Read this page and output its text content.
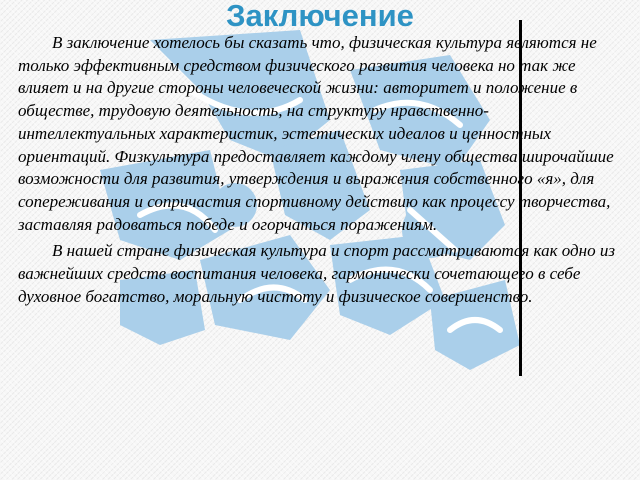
Заключение

В заключение хотелось бы сказать что, физическая культура являются не только эффективным средством физического развития человека но так же влияет и на другие стороны человеческой жизни: авторитет и положение в обществе, трудовую деятельность, на структуру нравственно-интеллектуальных характеристик, эстетических идеалов и ценностных ориентаций. Физкультура предоставляет каждому члену общества широчайшие возможности для развития, утверждения и выражения собственного «я», для сопереживания и сопричастия спортивному действию как процессу творчества, заставляя радоваться победе и огорчаться поражениям.

В нашей стране физическая культура и спорт рассматриваются как одно из важнейших средств воспитания человека, гармонически сочетающего в себе духовное богатство, моральную чистоту и физическое совершенство.
